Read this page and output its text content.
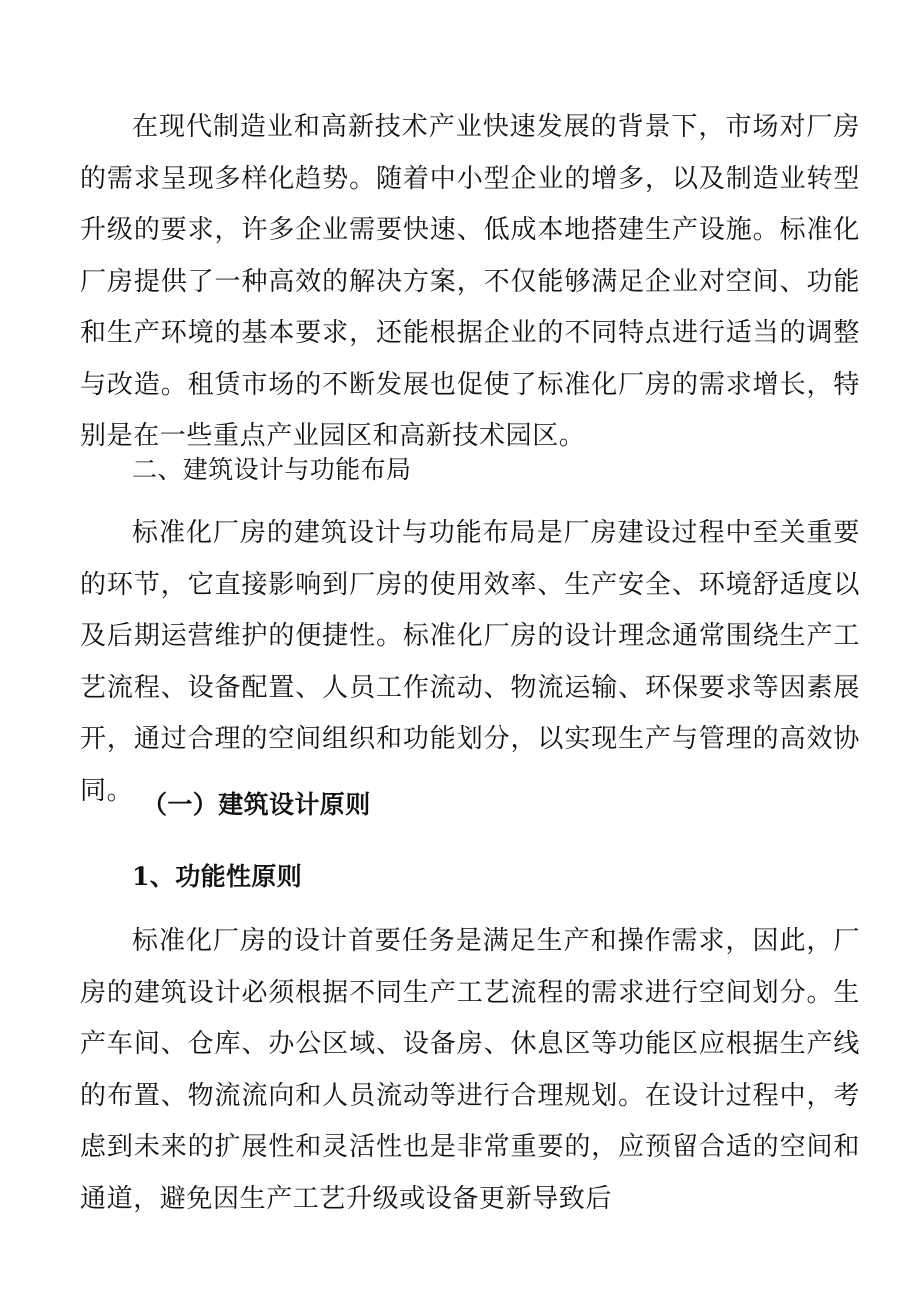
在现代制造业和高新技术产业快速发展的背景下，市场对厂房的需求呈现多样化趋势。随着中小型企业的增多，以及制造业转型升级的要求，许多企业需要快速、低成本地搭建生产设施。标准化厂房提供了一种高效的解决方案，不仅能够满足企业对空间、功能和生产环境的基本要求，还能根据企业的不同特点进行适当的调整与改造。租赁市场的不断发展也促使了标准化厂房的需求增长，特别是在一些重点产业园区和高新技术园区。

二、建筑设计与功能布局

标准化厂房的建筑设计与功能布局是厂房建设过程中至关重要的环节，它直接影响到厂房的使用效率、生产安全、环境舒适度以及后期运营维护的便捷性。标准化厂房的设计理念通常围绕生产工艺流程、设备配置、人员工作流动、物流运输、环保要求等因素展开，通过合理的空间组织和功能划分，以实现生产与管理的高效协同。 （一）建筑设计原则
1、功能性原则

标准化厂房的设计首要任务是满足生产和操作需求，因此，厂房的建筑设计必须根据不同生产工艺流程的需求进行空间划分。生产车间、仓库、办公区域、设备房、休息区等功能区应根据生产线的布置、物流流向和人员流动等进行合理规划。在设计过程中，考虑到未来的扩展性和灵活性也是非常重要的，应预留合适的空间和通道，避免因生产工艺升级或设备更新导致后
